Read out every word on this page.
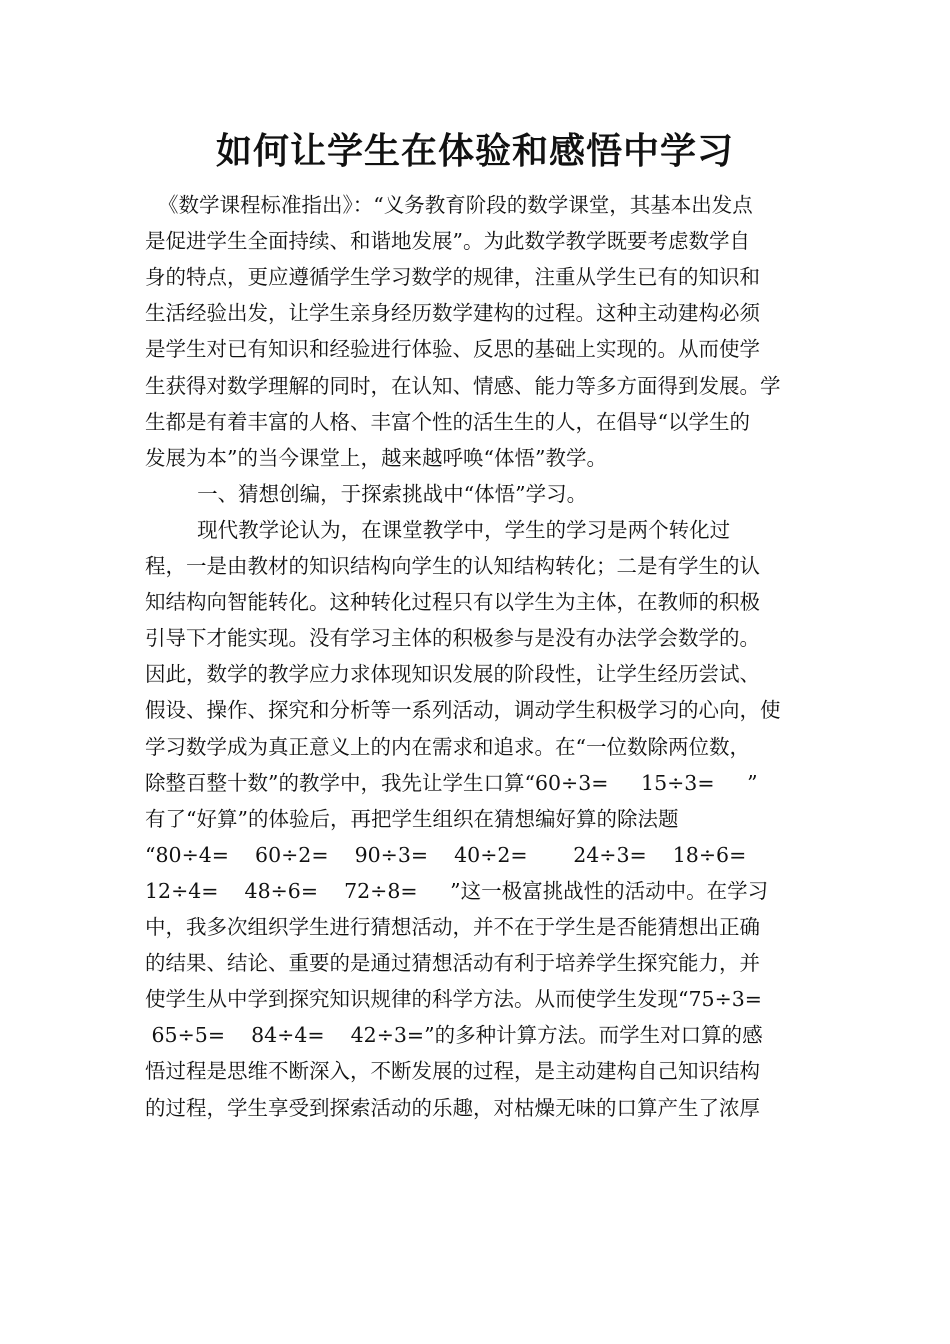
如何让学生在体验和感悟中学习
《数学课程标准指出》：“义务教育阶段的数学课堂，其基本出发点
是促进学生全面持续、和谐地发展”。为此数学教学既要考虑数学自
身的特点，更应遵循学生学习数学的规律，注重从学生已有的知识和
生活经验出发，让学生亲身经历数学建构的过程。这种主动建构必须
是学生对已有知识和经验进行体验、反思的基础上实现的。从而使学
生获得对数学理解的同时，在认知、情感、能力等多方面得到发展。学
生都是有着丰富的人格、丰富个性的活生生的人，在倡导“以学生的
发展为本”的当今课堂上，越来越呼唤“体悟”教学。
一、猜想创编，于探索挑战中“体悟”学习。
现代教学论认为，在课堂教学中，学生的学习是两个转化过
程，一是由教材的知识结构向学生的认知结构转化；二是有学生的认
知结构向智能转化。这种转化过程只有以学生为主体，在教师的积极
引导下才能实现。没有学习主体的积极参与是没有办法学会数学的。
因此，数学的教学应力求体现知识发展的阶段性，让学生经历尝试、
假设、操作、探究和分析等一系列活动，调动学生积极学习的心向，使
学习数学成为真正意义上的内在需求和追求。在“一位数除两位数，
除整百整十数”的教学中，我先让学生口算“60÷3=     15÷3=     ”
有了“好算”的体验后，再把学生组织在猜想编好算的除法题
“80÷4=    60÷2=    90÷3=    40÷2=       24÷3=    18÷6=
12÷4=    48÷6=    72÷8=     ”这一极富挑战性的活动中。在学习
中，我多次组织学生进行猜想活动，并不在于学生是否能猜想出正确
的结果、结论、重要的是通过猜想活动有利于培养学生探究能力，并
使学生从中学到探究知识规律的科学方法。从而使学生发现“75÷3=
65÷5=    84÷4=    42÷3=”的多种计算方法。而学生对口算的感
悟过程是思维不断深入，不断发展的过程，是主动建构自己知识结构
的过程，学生享受到探索活动的乐趣，对枯燥无味的口算产生了浓厚
